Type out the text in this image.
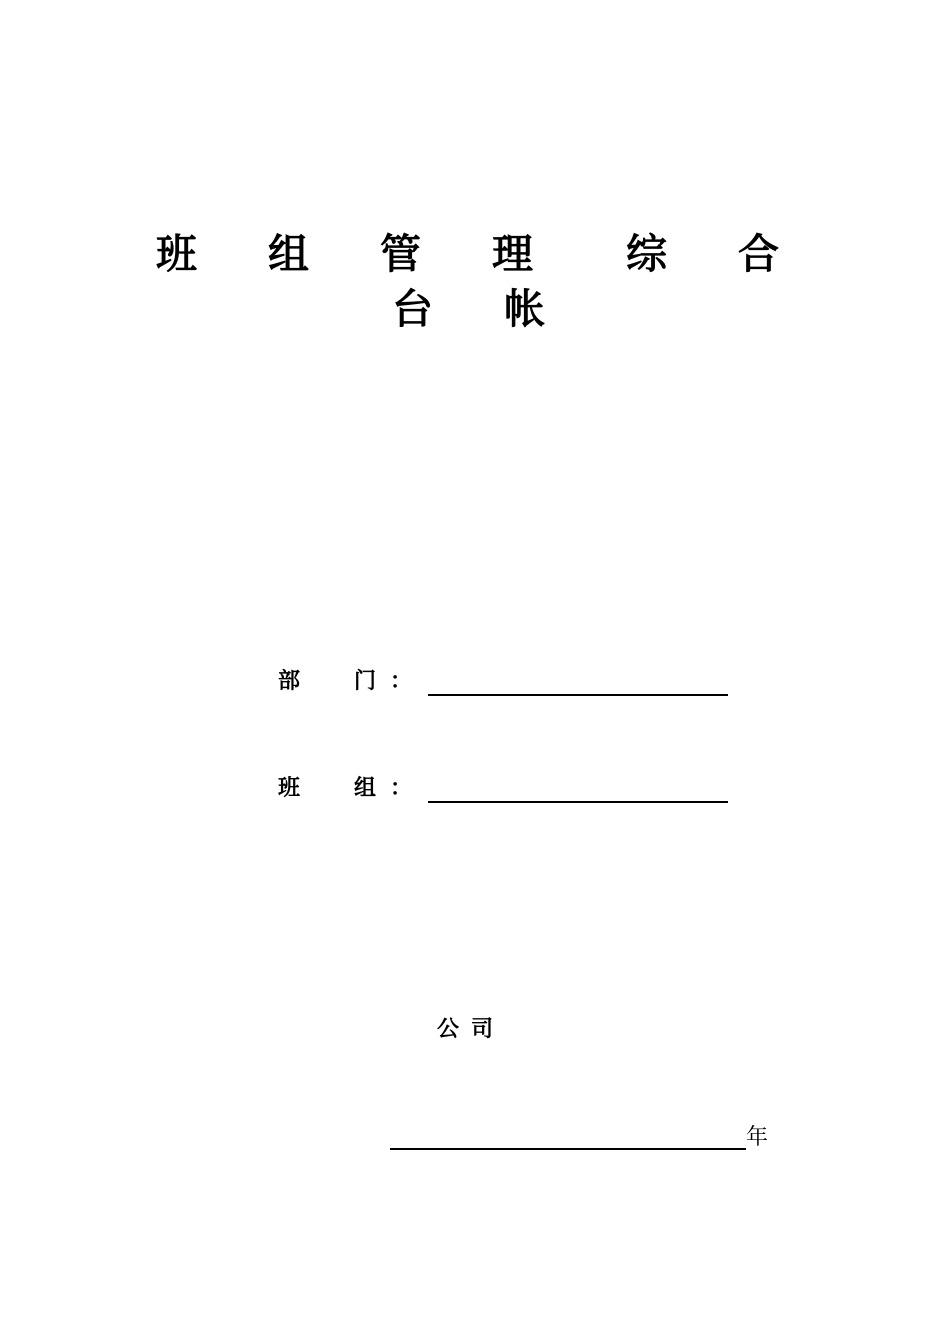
班 组 管 理 综 合
台 帐
部 门 ：
班 组 ：
公司
年
